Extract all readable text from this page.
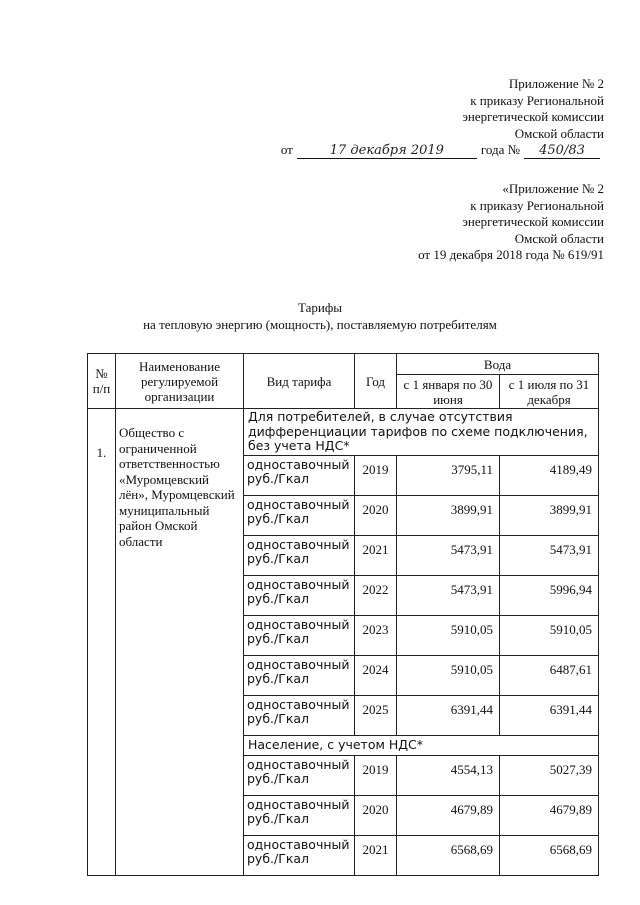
Приложение № 2
к приказу Региональной
энергетической комиссии
Омской области
от	17 декабря 2019	года № 450/83
«Приложение № 2
к приказу Региональной
энергетической комиссии
Омской области
от 19 декабря 2018 года № 619/91
Тарифы
на тепловую энергию (мощность), поставляемую потребителям
№ п/п	Наименование регулируемой организации	Вид тарифа	Год	Вода	
				с 1 января по 30 июня	с 1 июля по 31 декабря
1.	Общество с ограниченной ответственностью «Муромцевский лён», Муромцевский муниципальный район Омской области	Для потребителей, в случае отсутствия дифференциации тарифов по схеме подключения, без учета НДС*			
		одноставочный руб./Гкал	2019	3795,11	4189,49
		одноставочный руб./Гкал	2020	3899,91	3899,91
		одноставочный руб./Гкал	2021	5473,91	5473,91
		одноставочный руб./Гкал	2022	5473,91	5996,94
		одноставочный руб./Гкал	2023	5910,05	5910,05
		одноставочный руб./Гкал	2024	5910,05	6487,61
		одноставочный руб./Гкал	2025	6391,44	6391,44
		Население, с учетом НДС*			
		одноставочный руб./Гкал	2019	4554,13	5027,39
		одноставочный руб./Гкал	2020	4679,89	4679,89
		одноставочный руб./Гкал	2021	6568,69	6568,69
